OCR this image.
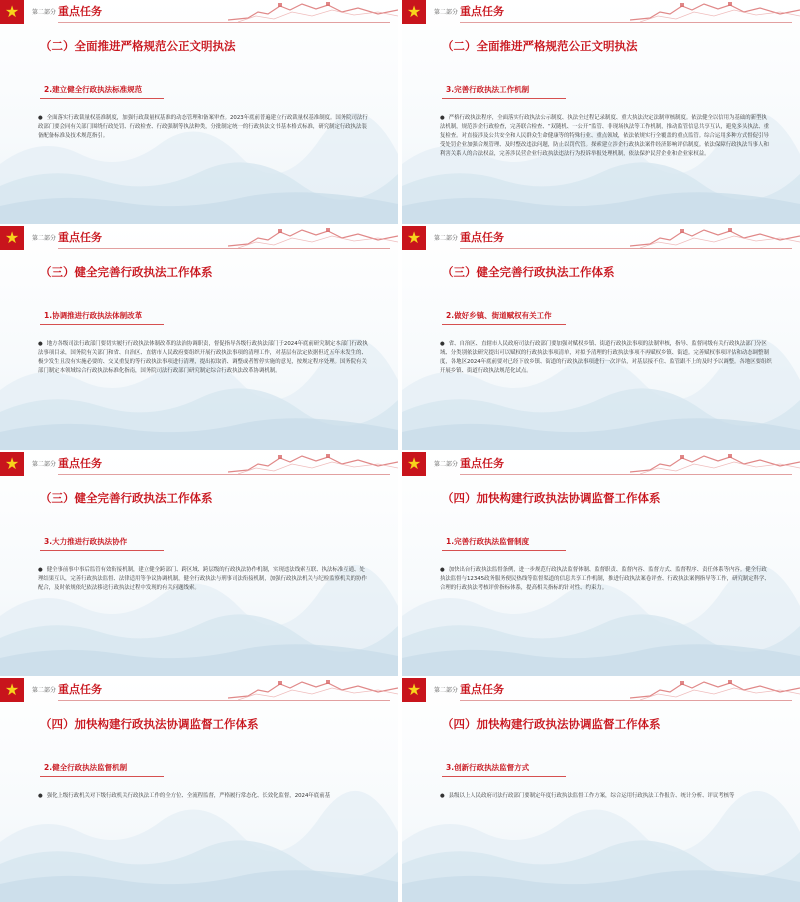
★	第二部分 重点任务
（二）全面推进严格规范公正文明执法
2.建立健全行政执法标准规范
● 全面落实行政裁量权基准制度，加强行政裁量权基准的动态管理和备案审查。2023年底前普遍建立行政裁量权基准制度。国务院司法行政部门要会同有关部门围绕行政处罚、行政检查、行政强制等执法种类，分批制定统一的行政执法文书基本格式标准，研究制定行政执法装备配备标准及技术规范指引。
★	第二部分 重点任务
（二）全面推进严格规范公正文明执法
3.完善行政执法工作机制
● 严格行政执法程序，全面落实行政执法公示制度、执法全过程记录制度、重大执法决定法制审核制度。依法健全以信用为基础的新型执法机制，规范涉企行政检查，完善联合检查、“双随机、一公开”监管、非现场执法等工作机制，推动监管信息共享互认，避免多头执法、重复检查。对直接涉及公共安全和人民群众生命健康等的特殊行业、重点领域，依法依规实行全覆盖的重点监管。综合运用多种方式督促引导受处罚企业加强合规管理、及时整改违法问题，防止以罚代管。探索建立涉企行政执法案件经济影响评估制度。依法保障行政执法当事人和利害关系人的合法权益，完善涉民营企业行政执法违法行为投诉举报处理机制，依法保护民营企业和企业家权益。
★	第二部分 重点任务
（三）健全完善行政执法工作体系
1.协调推进行政执法体制改革
● 地方各级司法行政部门要切实履行行政执法体制改革的法治协调职责，督促指导各级行政执法部门于2024年底前研究制定本部门行政执法事项目录，国务院有关部门和省、自治区、直辖市人民政府要组织开展行政执法事项的清理工作，对基层有法定依据但近五年未发生的、极少发生且没有实施必要的、交叉重复的等行政执法事项进行清理，提出拟取消、调整或者暂停实施的意见，按规定程序处理。国务院有关部门制定本领域综合行政执法标准化指南，国务院司法行政部门研究制定综合行政执法改革协调机制。
★	第二部分 重点任务
（三）健全完善行政执法工作体系
2.做好乡镇、街道赋权有关工作
● 省、自治区、直辖市人民政府司法行政部门要加强对赋权乡镇、街道行政执法事项的法制审核，指导、监督同级有关行政执法部门分区域、分类别依法研究提出可以赋权的行政执法事项清单，对拟予清理的行政执法事项不再赋权乡镇、街道。完善赋权事项评估和动态调整制度，各地区2024年底前要对已经下放乡镇、街道的行政执法事项进行一次评估，对基层接不住、监管跟不上的及时予以调整。各地区要组织开展乡镇、街道行政执法规范化试点。
★	第二部分 重点任务
（三）健全完善行政执法工作体系
3.大力推进行政执法协作
● 健全事前事中事后监管有效衔接机制，建立健全跨部门、跨区域、跨层级的行政执法协作机制，实现违法线索互联、执法标准互通、处理结果互认，完善行政执法监督、法律适用等争议协调机制，健全行政执法与刑事司法衔接机制，加强行政执法机关与纪检监察机关的协作配合，及时依规依纪依法移送行政执法过程中发现的有关问题线索。
★	第二部分 重点任务
（四）加快构建行政执法协调监督工作体系
1.完善行政执法监督制度
● 加快出台行政执法监督条例，进一步规范行政执法监督体制、监督职责、监督内容、监督方式、监督程序、责任体系等内容。健全行政执法监督与12345政务服务便民热线等监督渠道的信息共享工作机制，推进行政执法案卷评查、行政执法案例指导等工作，研究制定科学、合理的行政执法考核评价指标体系，提高相关指标的针对性、约束力。
★	第二部分 重点任务
（四）加快构建行政执法协调监督工作体系
2.健全行政执法监督机制
● 强化上级行政机关对下级行政机关行政执法工作的全方位、全流程监督，严格履行常态化、长效化监督，2024年底前基
★	第二部分 重点任务
（四）加快构建行政执法协调监督工作体系
3.创新行政执法监督方式
● 县级以上人民政府司法行政部门要制定年度行政执法监督工作方案，综合运用行政执法工作报告、统计分析、评议考核等
